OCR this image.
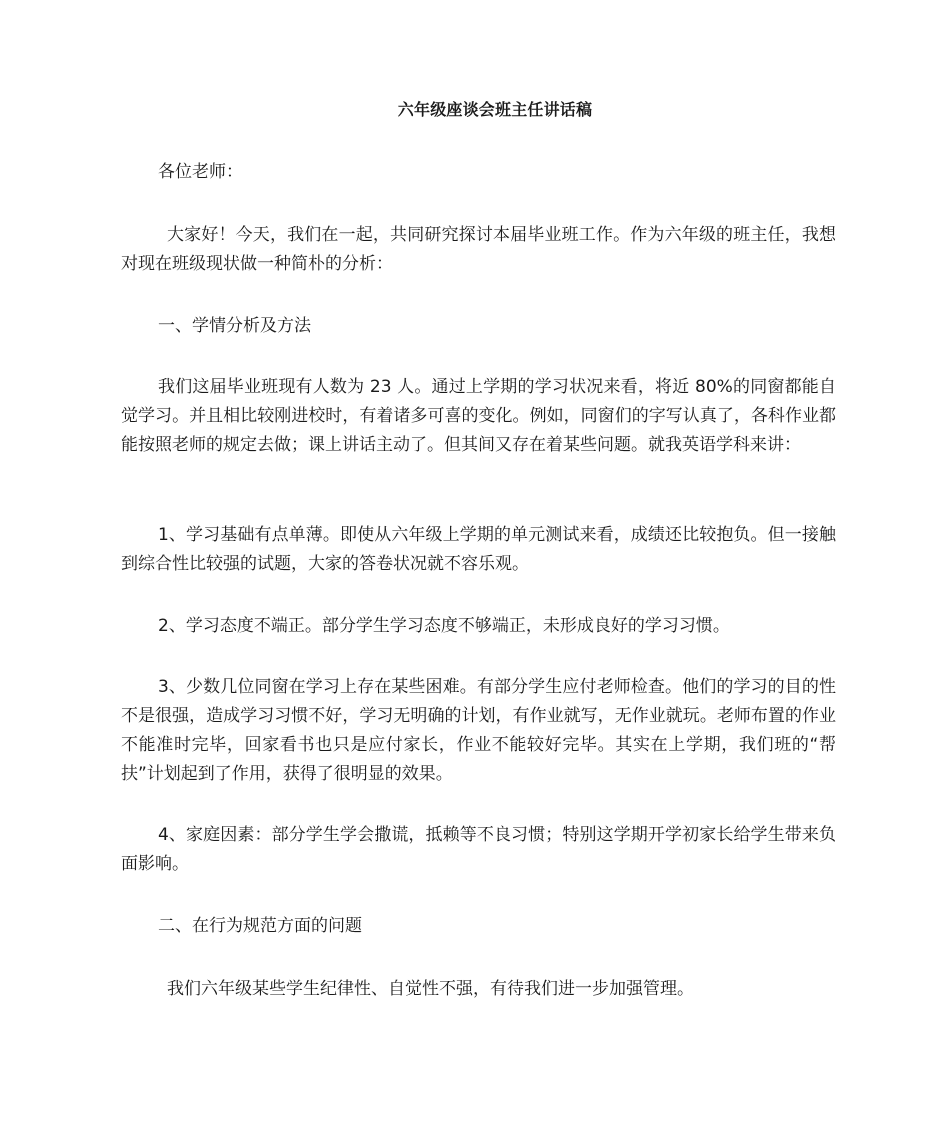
六年级座谈会班主任讲话稿

各位老师：

大家好！今天，我们在一起，共同研究探讨本届毕业班工作。作为六年级的班主任，我想对现在班级现状做一种简朴的分析：

一、学情分析及方法

我们这届毕业班现有人数为 23 人。通过上学期的学习状况来看，将近 80%的同窗都能自觉学习。并且相比较刚进校时，有着诸多可喜的变化。例如，同窗们的字写认真了，各科作业都能按照老师的规定去做；课上讲话主动了。但其间又存在着某些问题。就我英语学科来讲：

1、学习基础有点单薄。即使从六年级上学期的单元测试来看，成绩还比较抱负。但一接触到综合性比较强的试题，大家的答卷状况就不容乐观。

2、学习态度不端正。部分学生学习态度不够端正，未形成良好的学习习惯。

3、少数几位同窗在学习上存在某些困难。有部分学生应付老师检查。他们的学习的目的性不是很强，造成学习习惯不好，学习无明确的计划，有作业就写，无作业就玩。老师布置的作业不能准时完毕，回家看书也只是应付家长，作业不能较好完毕。其实在上学期，我们班的“帮扶”计划起到了作用，获得了很明显的效果。

4、家庭因素：部分学生学会撒谎，抵赖等不良习惯；特别这学期开学初家长给学生带来负面影响。

二、在行为规范方面的问题

我们六年级某些学生纪律性、自觉性不强，有待我们进一步加强管理。
